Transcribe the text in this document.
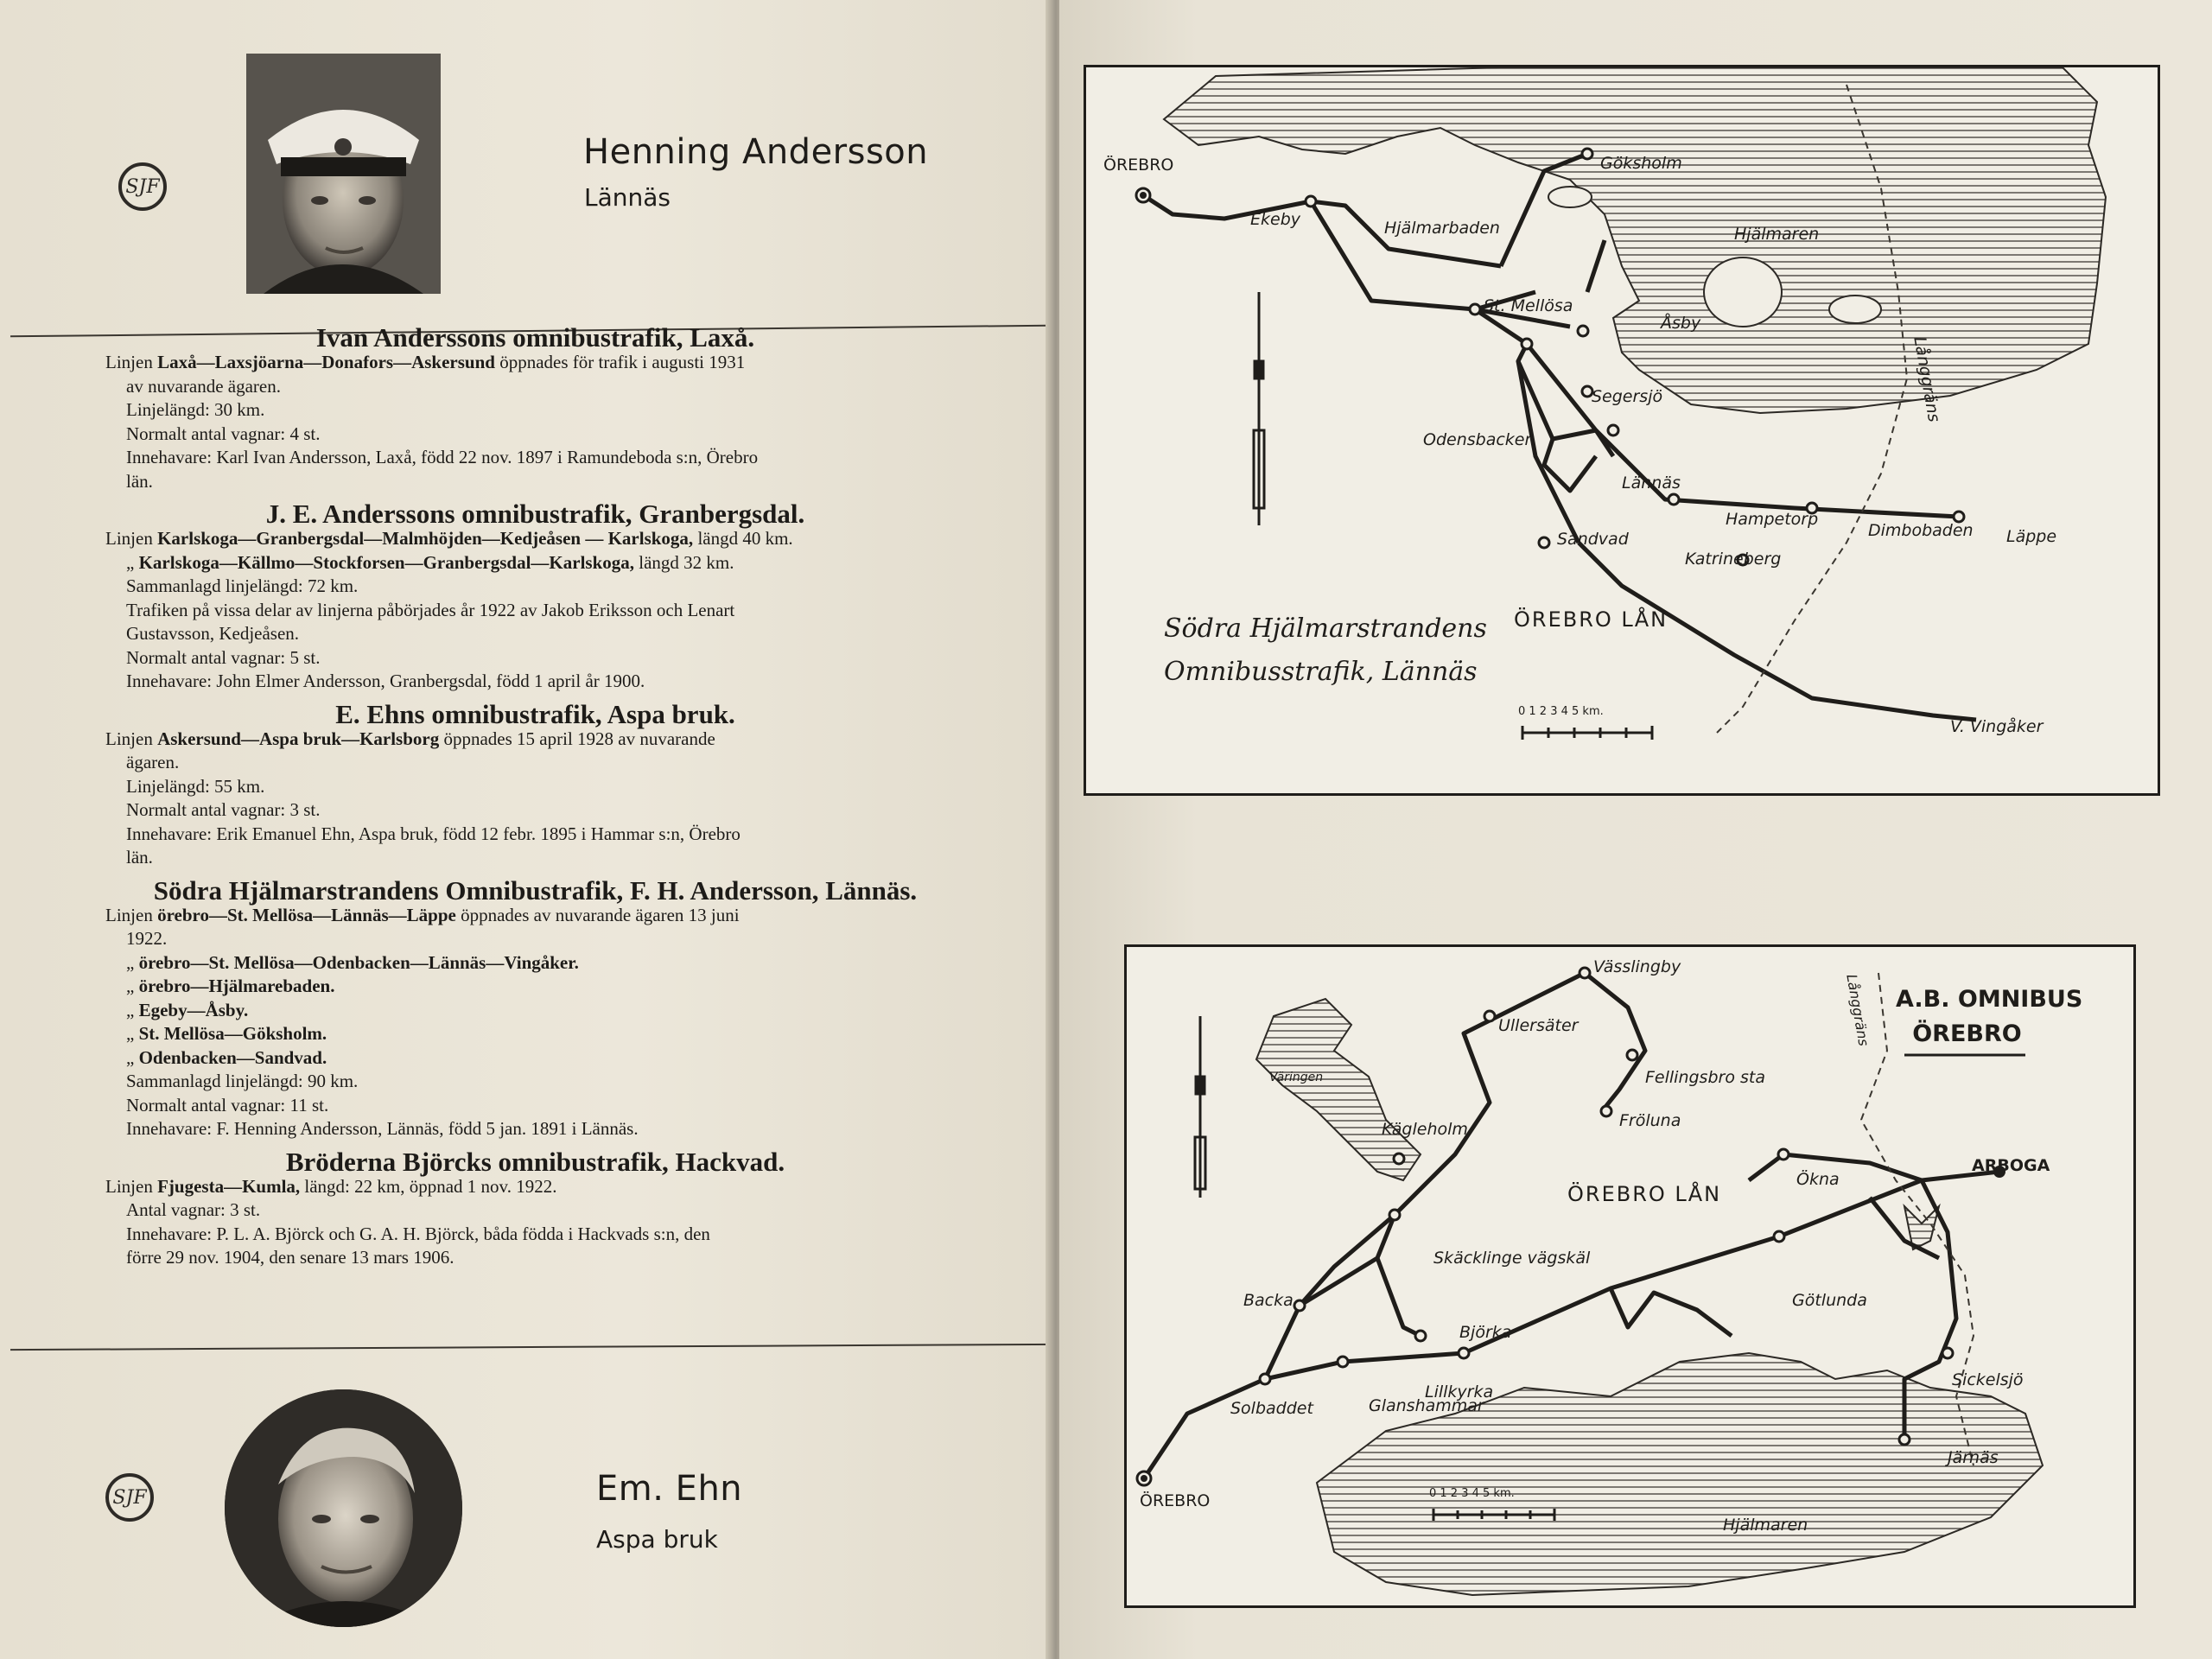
SJF
Henning Andersson
Lännäs
Ivan Anderssons omnibustrafik, Laxå.

Linjen Laxå—Laxsjöarna—Donafors—Askersund öppnades för trafik i augusti 1931

av nuvarande ägaren.

Linjelängd: 30 km.

Normalt antal vagnar: 4 st.

Innehavare: Karl Ivan Andersson, Laxå, född 22 nov. 1897 i Ramundeboda s:n, Örebro

län.

J. E. Anderssons omnibustrafik, Granbergsdal.

Linjen Karlskoga—Granbergsdal—Malmhöjden—Kedjeåsen — Karlskoga, längd 40 km.

„ Karlskoga—Källmo—Stockforsen—Granbergsdal—Karlskoga, längd 32 km.

Sammanlagd linjelängd: 72 km.

Trafiken på vissa delar av linjerna påbörjades år 1922 av Jakob Eriksson och Lenart

Gustavsson, Kedjeåsen.

Normalt antal vagnar: 5 st.

Innehavare: John Elmer Andersson, Granbergsdal, född 1 april år 1900.

E. Ehns omnibustrafik, Aspa bruk.

Linjen Askersund—Aspa bruk—Karlsborg öppnades 15 april 1928 av nuvarande

ägaren.

Linjelängd: 55 km.

Normalt antal vagnar: 3 st.

Innehavare: Erik Emanuel Ehn, Aspa bruk, född 12 febr. 1895 i Hammar s:n, Örebro

län.

Södra Hjälmarstrandens Omnibustrafik, F. H. Andersson, Lännäs.

Linjen örebro—St. Mellösa—Lännäs—Läppe öppnades av nuvarande ägaren 13 juni

1922.

„ örebro—St. Mellösa—Odenbacken—Lännäs—Vingåker.

„ örebro—Hjälmarebaden.

„ Egeby—Åsby.

„ St. Mellösa—Göksholm.

„ Odenbacken—Sandvad.

Sammanlagd linjelängd: 90 km.

Normalt antal vagnar: 11 st.

Innehavare: F. Henning Andersson, Lännäs, född 5 jan. 1891 i Lännäs.

Bröderna Björcks omnibustrafik, Hackvad.

Linjen Fjugesta—Kumla, längd: 22 km, öppnad 1 nov. 1922.

Antal vagnar: 3 st.

Innehavare: P. L. A. Björck och G. A. H. Björck, båda födda i Hackvads s:n, den

förre 29 nov. 1904, den senare 13 mars 1906.

SJF	Em. Ehn
Aspa bruk
ÖREBRO
Ekeby	Hjälmarbaden
Göksholm
St. Mellösa
Åsby
Segersjö
Odensbacken
Lännäs
Sandvad
Hampetorp
Dimbobaden Läppe
Katrineberg
V. Vingåker
Hjälmaren
Långgräns
ÖREBRO LÅN
Södra Hjälmarstrandens
Omnibusstrafik, Lännäs
0 1 2 3 4 5 km.
Vässlingby
Ullersäter
Fellingsbro sta
Fröluna
Väringen
Kägleholm
Skäcklinge vägskäl
Backa
Björka
Ökna
ARBOGA
Götlunda
Sickelsjö
Lillkyrka
Glanshammar
Solbaddet
Järnäs
ÖREBRO
Hjälmaren
Långgräns
ÖREBRO LÅN
A.B. OMNIBUS
ÖREBRO
0 1 2 3 4 5 km.
